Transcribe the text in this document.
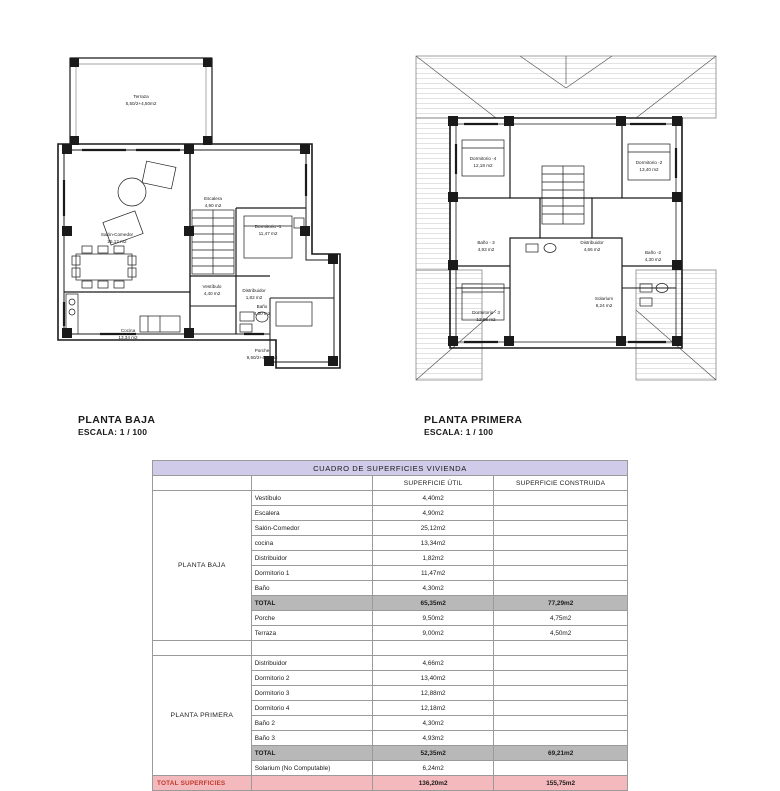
Terraza
5,50/2+4,50m2
Salón-Comedor
25,12 m2
Escalera
4,90 m2
Dormitorio -1
11,47 m2
Vestíbulo
4,40 m2
Distribuidor
1,82 m2
Baño
4,30 m2
Cocina
13,34 m2
Porche
9,50/2+4,75m2
PLANTA BAJA
ESCALA: 1 / 100
Dormitorio -4
12,18 m2
Dormitorio -2
13,40 m2
Baño - 3
4,93 m2
Distribuidor
4,66 m2
Baño -2
4,30 m2
Dormitorio - 3
12,88 m2
Solarium
6,24 m2
PLANTA PRIMERA
ESCALA: 1 / 100
CUADRO DE SUPERFICIES VIVIENDA			
		SUPERFICIE ÚTIL	SUPERFICIE CONSTRUIDA
PLANTA BAJA	Vestíbulo	4,40m2	
	Escalera	4,90m2	
	Salón-Comedor	25,12m2	
	cocina	13,34m2	
	Distribuidor	1,82m2	
	Dormitorio 1	11,47m2	
	Baño	4,30m2	
	TOTAL	65,35m2	77,29m2
	Porche	9,50m2	4,75m2
	Terraza	9,00m2	4,50m2

PLANTA PRIMERA	Distribuidor	4,66m2	
	Dormitorio 2	13,40m2	
	Dormitorio 3	12,88m2	
	Dormitorio 4	12,18m2	
	Baño 2	4,30m2	
	Baño 3	4,93m2	
	TOTAL	52,35m2	69,21m2
	Solarium (No Computable)	6,24m2	
TOTAL SUPERFICIES		136,20m2	155,75m2
